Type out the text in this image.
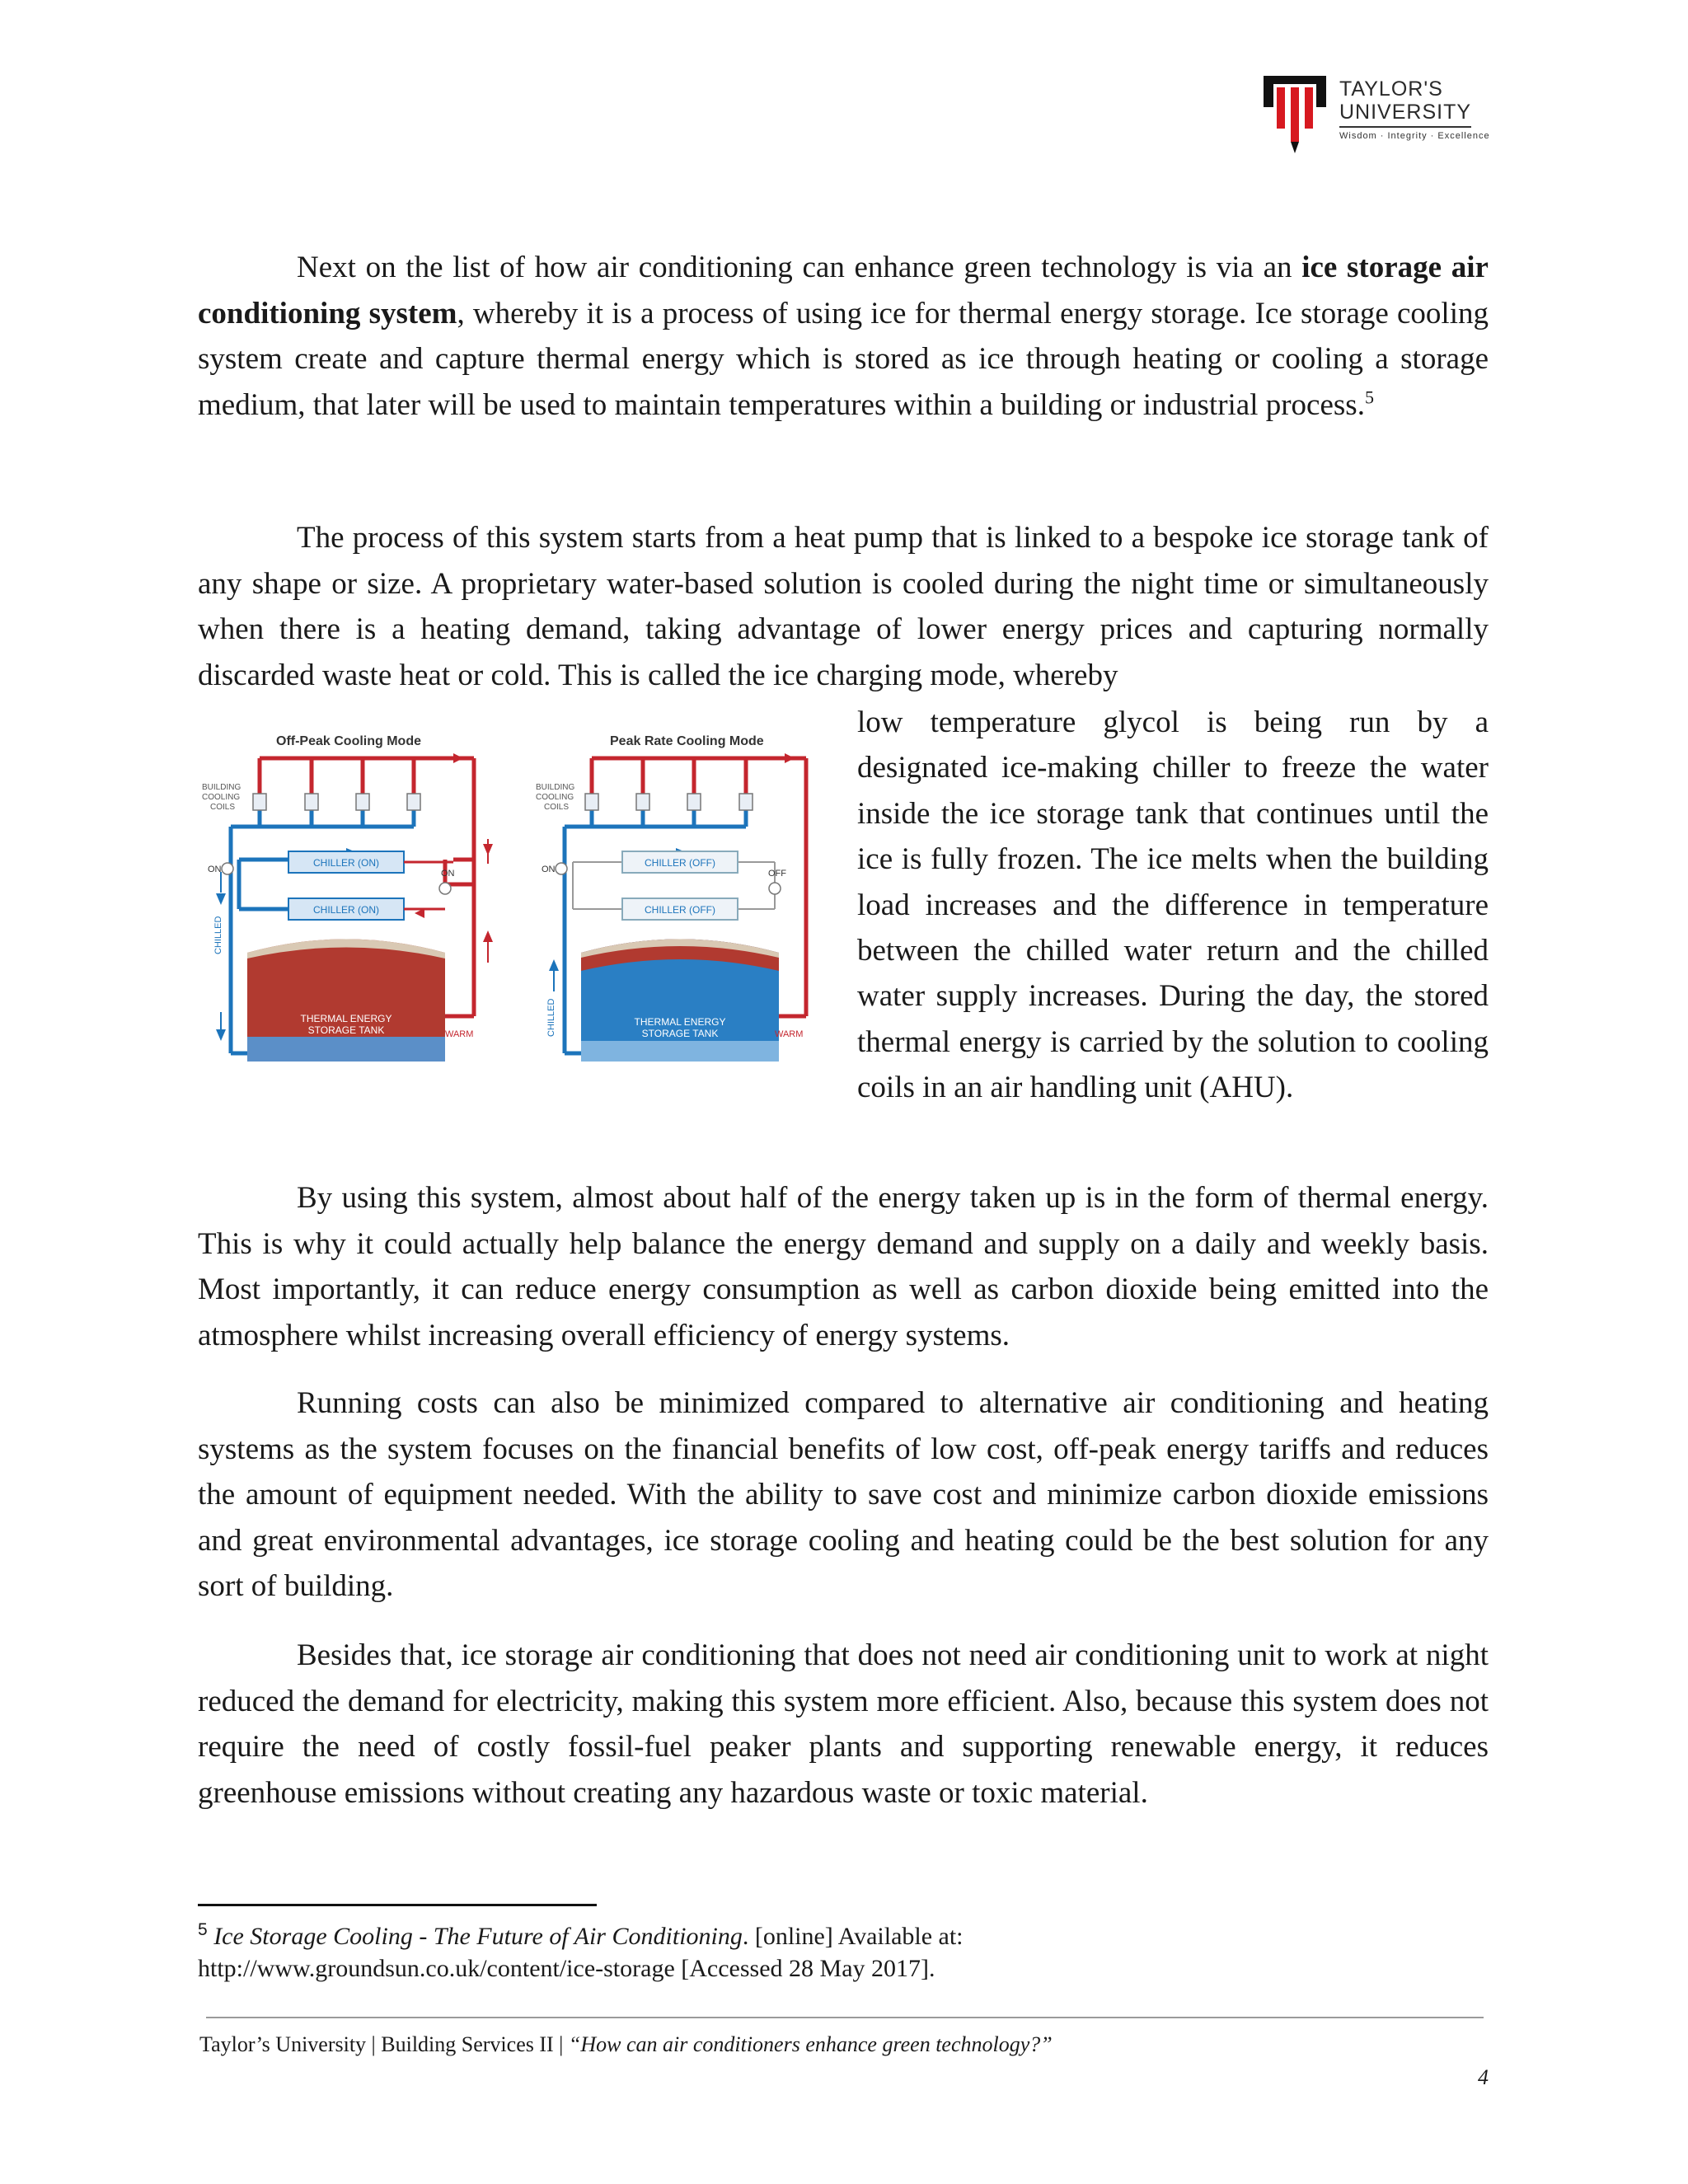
TAYLOR'S
UNIVERSITY
Wisdom · Integrity · Excellence

Next on the list of how air conditioning can enhance green technology is via an ice storage air conditioning system, whereby it is a process of using ice for thermal energy storage. Ice storage cooling system create and capture thermal energy which is stored as ice through heating or cooling a storage medium, that later will be used to maintain temperatures within a building or industrial process.$^5$

The process of this system starts from a heat pump that is linked to a bespoke ice storage tank of any shape or size. A proprietary water-based solution is cooled during the night time or simultaneously when there is a heating demand, taking advantage of lower energy prices and capturing normally discarded waste heat or cold. This is called the ice charging mode, whereby

Off-Peak Cooling Mode
BUILDING
COOLING
COILS
ON
CHILLER (ON)
CHILLER (ON)
ON
THERMAL ENERGY
STORAGE TANK
CHILLED
WARM
Peak Rate Cooling Mode
BUILDING
COOLING
COILS
ON
CHILLER (OFF)
CHILLER (OFF)
OFF
THERMAL ENERGY
STORAGE TANK
CHILLED	WARM

low temperature glycol is being run by a designated ice-making chiller to freeze the water inside the ice storage tank that continues until the ice is fully frozen. The ice melts when the building load increases and the difference in temperature between the chilled water return and the chilled water supply increases. During the day, the stored thermal energy is carried by the solution to cooling coils in an air handling unit (AHU).

By using this system, almost about half of the energy taken up is in the form of thermal energy. This is why it could actually help balance the energy demand and supply on a daily and weekly basis. Most importantly, it can reduce energy consumption as well as carbon dioxide being emitted into the atmosphere whilst increasing overall efficiency of energy systems.

Running costs can also be minimized compared to alternative air conditioning and heating systems as the system focuses on the financial benefits of low cost, off-peak energy tariffs and reduces the amount of equipment needed. With the ability to save cost and minimize carbon dioxide emissions and great environmental advantages, ice storage cooling and heating could be the best solution for any sort of building.

Besides that, ice storage air conditioning that does not need air conditioning unit to work at night reduced the demand for electricity, making this system more efficient. Also, because this system does not require the need of costly fossil-fuel peaker plants and supporting renewable energy, it reduces greenhouse emissions without creating any hazardous waste or toxic material.

$^5$ Ice Storage Cooling - The Future of Air Conditioning. [online] Available at:
http://www.groundsun.co.uk/content/ice-storage [Accessed 28 May 2017].

Taylor’s University | Building Services II | “How can air conditioners enhance green technology?”
4
